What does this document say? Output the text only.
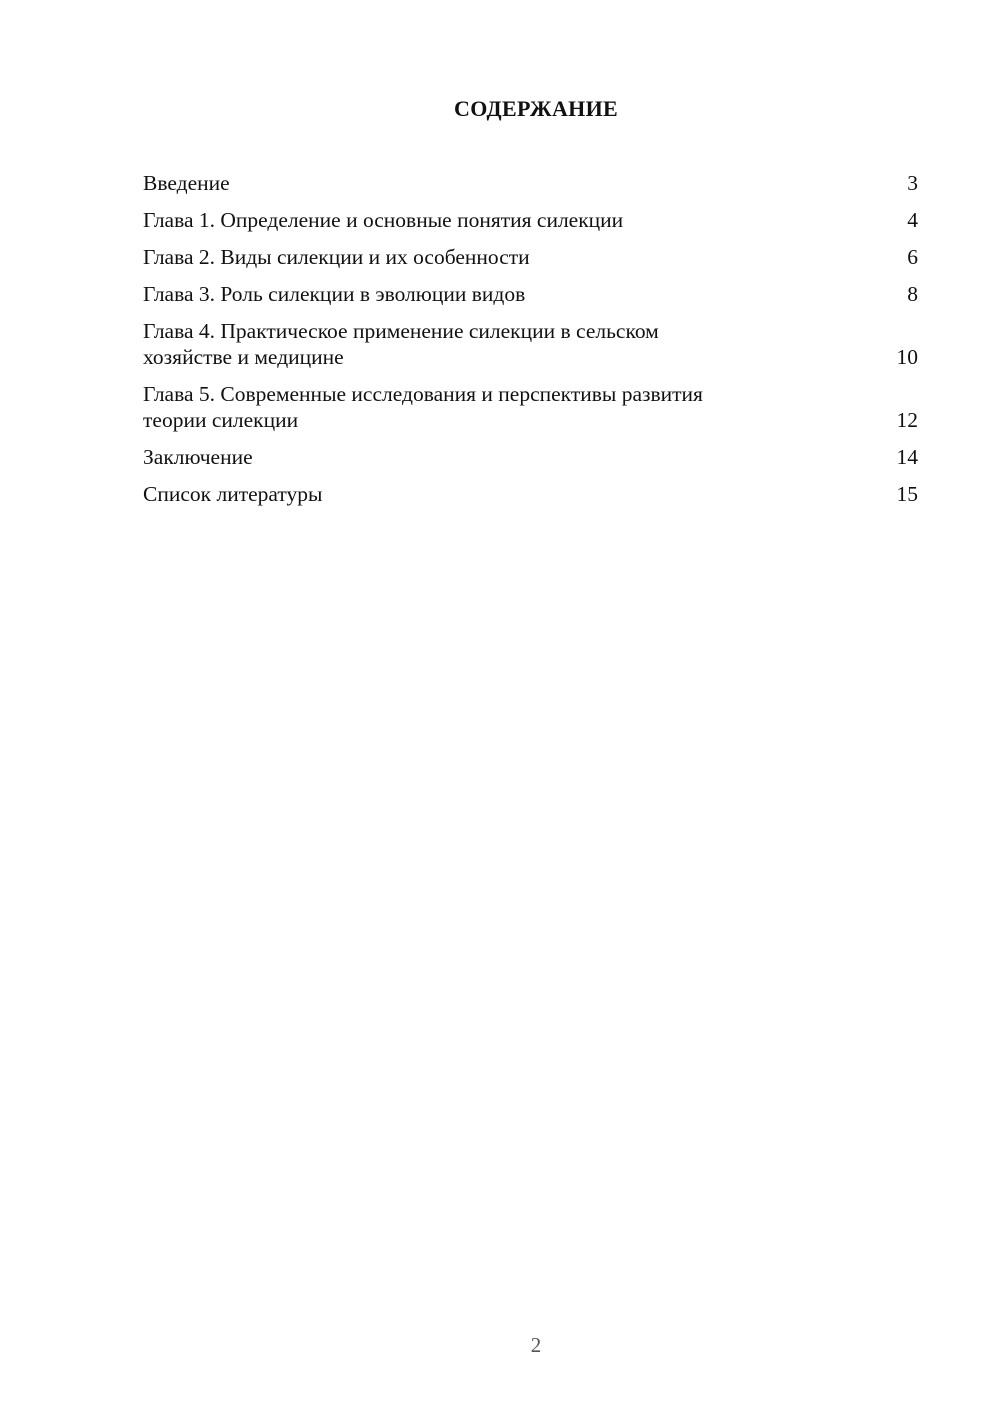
СОДЕРЖАНИЕ
Введение	3
Глава 1. Определение и основные понятия силекции	4
Глава 2. Виды силекции и их особенности	6
Глава 3. Роль силекции в эволюции видов	8
Глава 4. Практическое применение силекции в сельском
хозяйстве и медицине	10
Глава 5. Современные исследования и перспективы развития
теории силекции	12
Заключение	14
Список литературы	15
2
